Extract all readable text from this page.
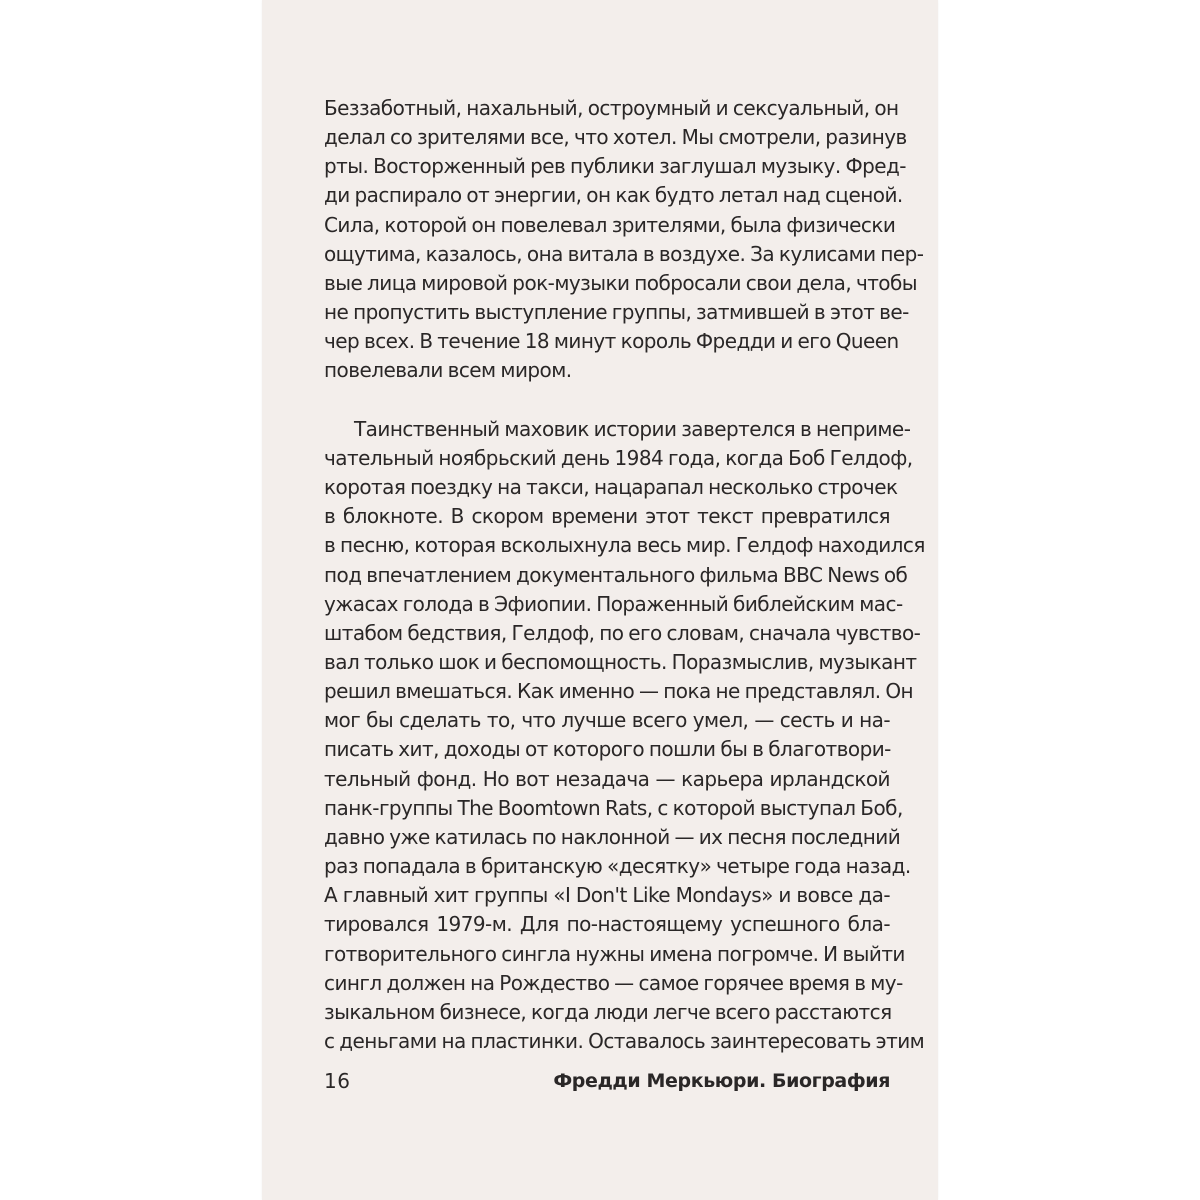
Беззаботный, нахальный, остроумный и сексуальный, он
делал со зрителями все, что хотел. Мы смотрели, разинув
рты. Восторженный рев публики заглушал музыку. Фред-
ди распирало от энергии, он как будто летал над сценой.
Сила, которой он повелевал зрителями, была физически
ощутима, казалось, она витала в воздухе. За кулисами пер-
вые лица мировой рок-музыки побросали свои дела, чтобы
не пропустить выступление группы, затмившей в этот ве-
чер всех. В течение 18 минут король Фредди и его Queen
повелевали всем миром.
Таинственный маховик истории завертелся в неприме-
чательный ноябрьский день 1984 года, когда Боб Гелдоф,
коротая поездку на такси, нацарапал несколько строчек
в блокноте. В скором времени этот текст превратился
в песню, которая всколыхнула весь мир. Гелдоф находился
под впечатлением документального фильма BBC News об
ужасах голода в Эфиопии. Пораженный библейским мас-
штабом бедствия, Гелдоф, по его словам, сначала чувство-
вал только шок и беспомощность. Поразмыслив, музыкант
решил вмешаться. Как именно — пока не представлял. Он
мог бы сделать то, что лучше всего умел, — сесть и на-
писать хит, доходы от которого пошли бы в благотвори-
тельный фонд. Но вот незадача — карьера ирландской
панк-группы The Boomtown Rats, с которой выступал Боб,
давно уже катилась по наклонной — их песня последний
раз попадала в британскую «десятку» четыре года назад.
А главный хит группы «I Don't Like Mondays» и вовсе да-
тировался 1979-м. Для по-настоящему успешного бла-
готворительного сингла нужны имена погромче. И выйти
сингл должен на Рождество — самое горячее время в му-
зыкальном бизнесе, когда люди легче всего расстаются
с деньгами на пластинки. Оставалось заинтересовать этим
16	Фредди Меркьюри. Биография
